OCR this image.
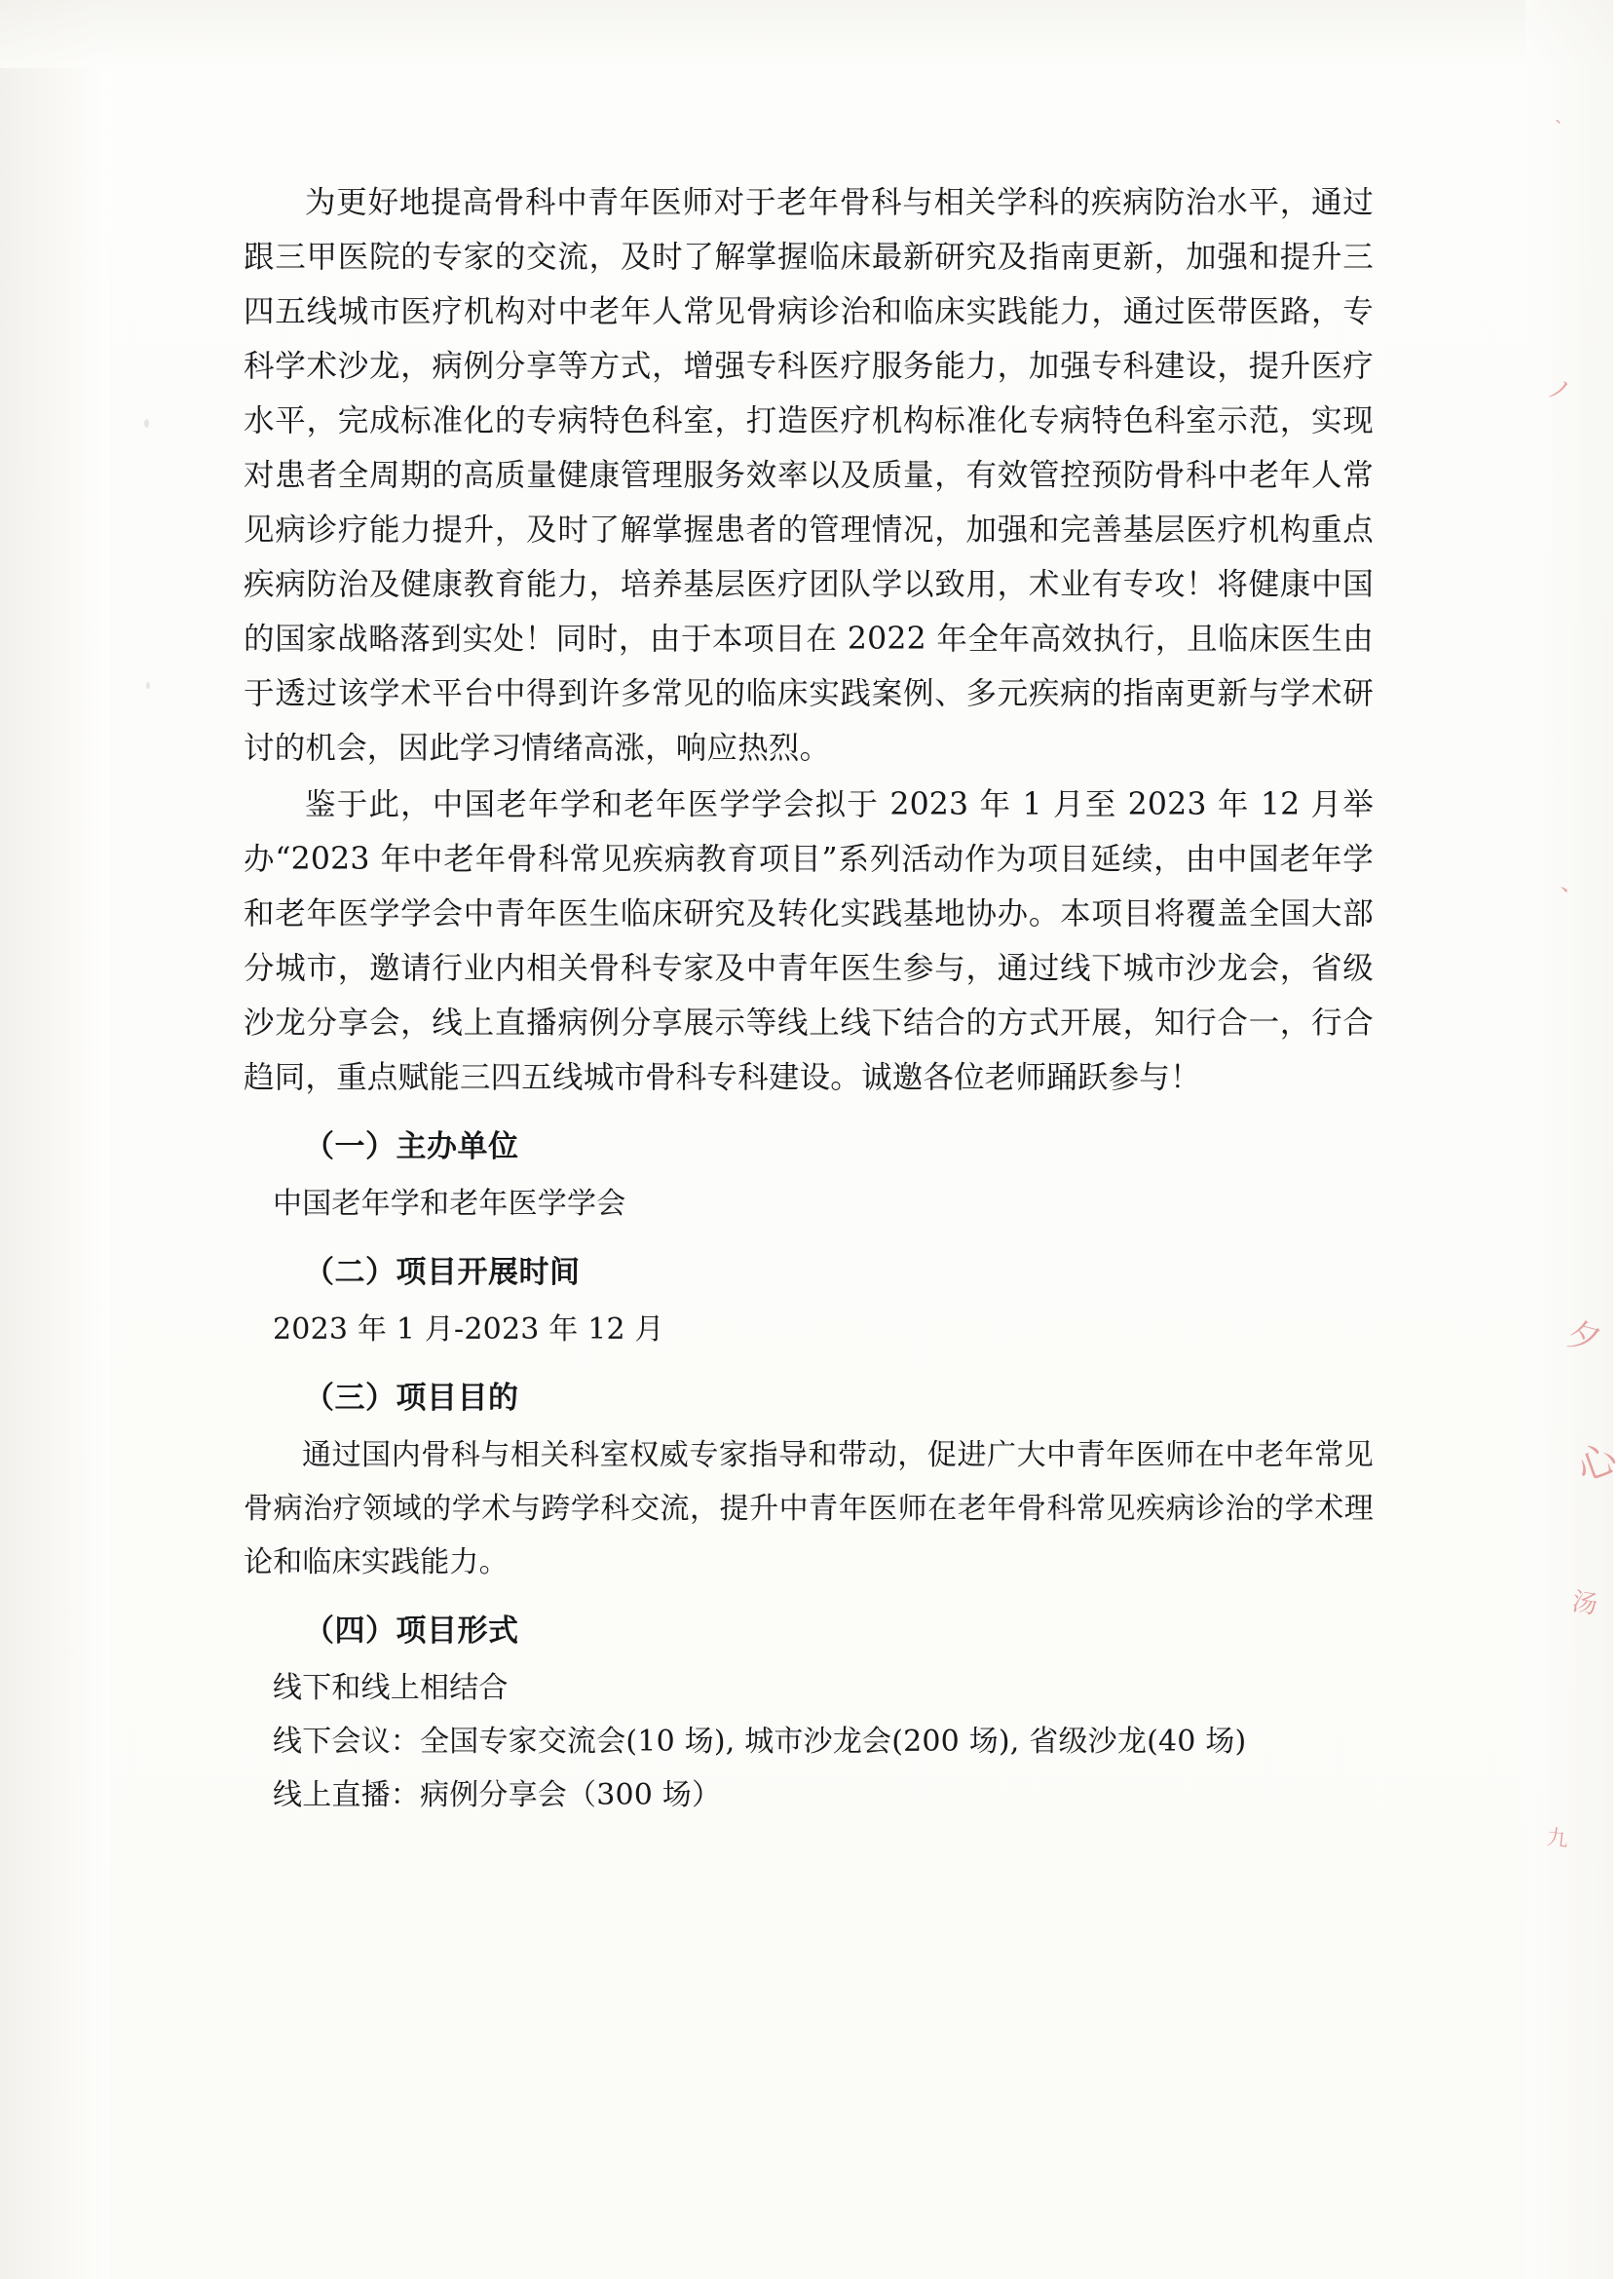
为更好地提高骨科中青年医师对于老年骨科与相关学科的疾病防治水平，通过跟三甲医院的专家的交流，及时了解掌握临床最新研究及指南更新，加强和提升三四五线城市医疗机构对中老年人常见骨病诊治和临床实践能力，通过医带医路，专科学术沙龙，病例分享等方式，增强专科医疗服务能力，加强专科建设，提升医疗水平，完成标准化的专病特色科室，打造医疗机构标准化专病特色科室示范，实现对患者全周期的高质量健康管理服务效率以及质量，有效管控预防骨科中老年人常见病诊疗能力提升，及时了解掌握患者的管理情况，加强和完善基层医疗机构重点疾病防治及健康教育能力，培养基层医疗团队学以致用，术业有专攻！将健康中国的国家战略落到实处！同时，由于本项目在 2022 年全年高效执行，且临床医生由于透过该学术平台中得到许多常见的临床实践案例、多元疾病的指南更新与学术研讨的机会，因此学习情绪高涨，响应热烈。

鉴于此，中国老年学和老年医学学会拟于 2023 年 1 月至 2023 年 12 月举办“2023 年中老年骨科常见疾病教育项目”系列活动作为项目延续，由中国老年学和老年医学学会中青年医生临床研究及转化实践基地协办。本项目将覆盖全国大部分城市，邀请行业内相关骨科专家及中青年医生参与，通过线下城市沙龙会，省级沙龙分享会，线上直播病例分享展示等线上线下结合的方式开展，知行合一，行合趋同，重点赋能三四五线城市骨科专科建设。诚邀各位老师踊跃参与！

（一）主办单位

中国老年学和老年医学学会

（二）项目开展时间

2023 年 1 月-2023 年 12 月

（三）项目目的

通过国内骨科与相关科室权威专家指导和带动，促进广大中青年医师在中老年常见骨病治疗领域的学术与跨学科交流，提升中青年医师在老年骨科常见疾病诊治的学术理论和临床实践能力。

（四）项目形式

线下和线上相结合

线下会议：全国专家交流会(10 场), 城市沙龙会(200 场), 省级沙龙(40 场)

线上直播：病例分享会（300 场）

ˋ
ノ
、
夕
心
汤
九
